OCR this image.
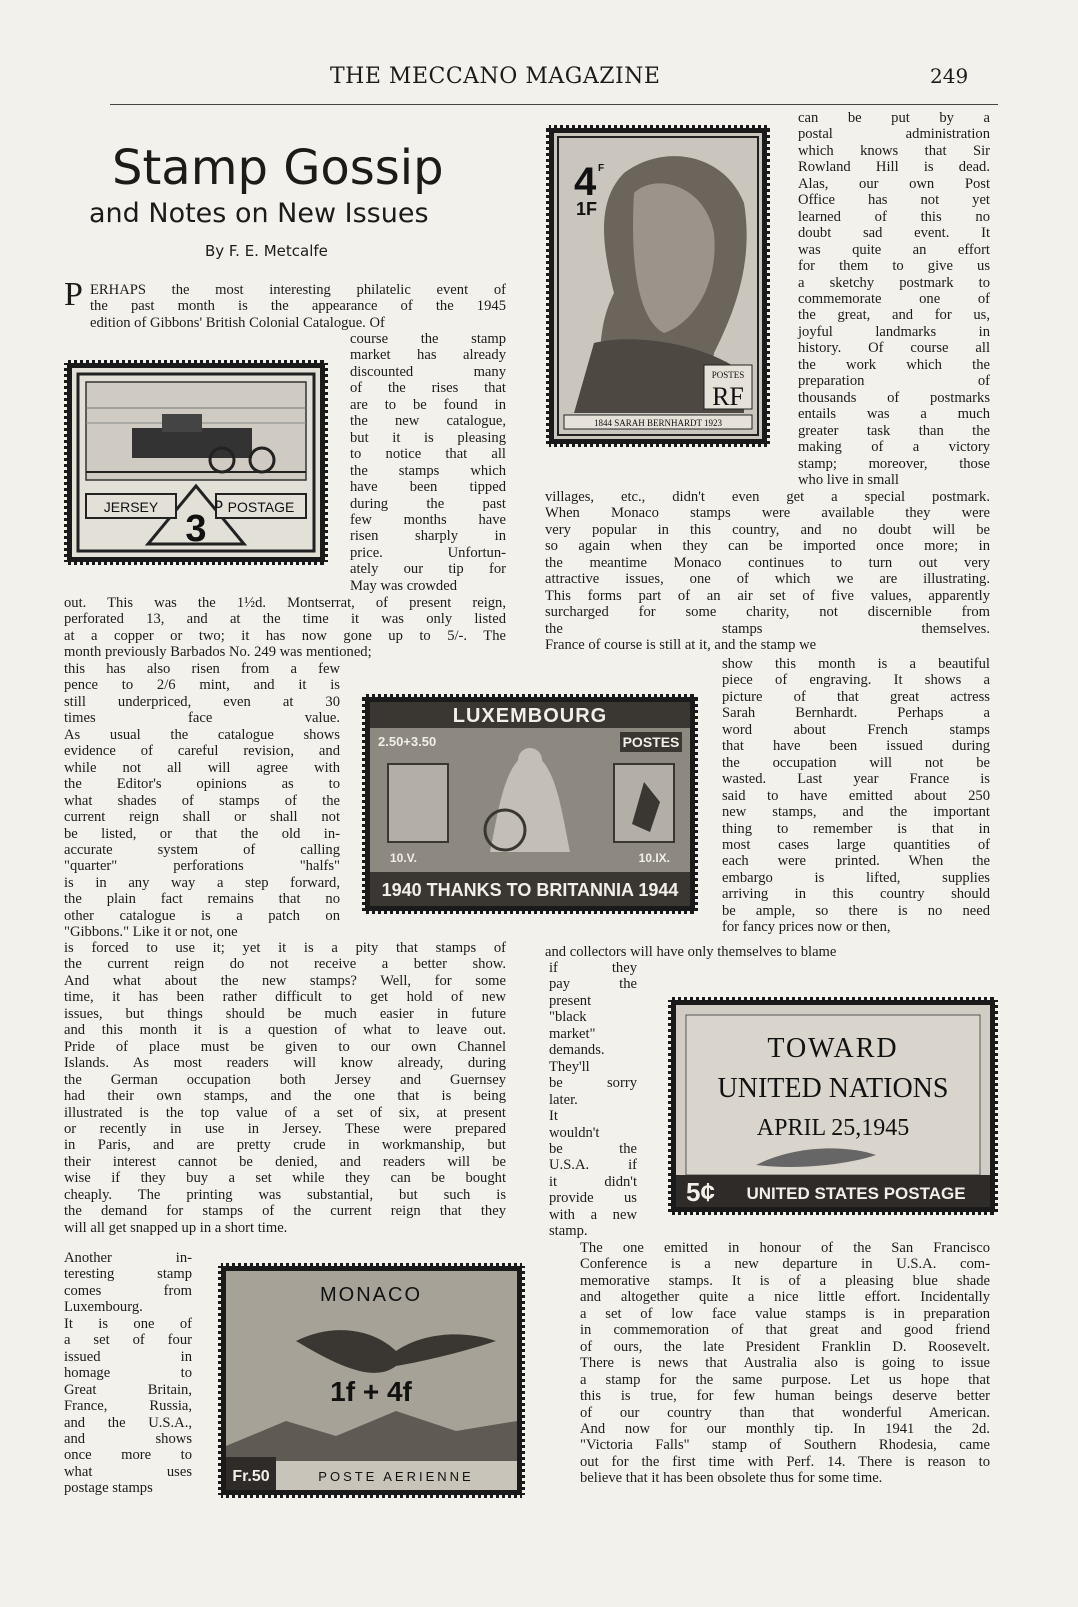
THE MECCANO MAGAZINE	249
Stamp Gossip
and Notes on New Issues
By F. E. Metcalfe
P ERHAPS the most interesting philatelic event of
the past month is the appearance of the 1945
edition of Gibbons' British Colonial Catalogue. Of
course the stamp
market has already
discounted many
of the rises that
are to be found in
the new catalogue,
but it is pleasing
to notice that all
the stamps which
have been tipped
during the past
few months have
risen sharply in
price. Unfortun-
ately our tip for
May was crowded
out. This was the 1½d. Montserrat, of present reign,
perforated 13, and at the time it was only listed
at a copper or two; it has now gone up to 5/-. The
month previously Barbados No. 249 was mentioned;
this has also risen from a few
pence to 2/6 mint, and it is
still underpriced, even at 30
times face value.
As usual the catalogue shows
evidence of careful revision, and
while not all will agree with
the Editor's opinions as to
what shades of stamps of the
current reign shall or shall not
be listed, or that the old in-
accurate system of calling
"quarter" perforations "halfs"
is in any way a step forward,
the plain fact remains that no
other catalogue is a patch on
"Gibbons." Like it or not, one
is forced to use it; yet it is a pity that stamps of
the current reign do not receive a better show.
And what about the new stamps? Well, for some
time, it has been rather difficult to get hold of new
issues, but things should be much easier in future
and this month it is a question of what to leave out.
Pride of place must be given to our own Channel
Islands. As most readers will know already, during
the German occupation both Jersey and Guernsey
had their own stamps, and the one that is being
illustrated is the top value of a set of six, at present
or recently in use in Jersey. These were prepared
in Paris, and are pretty crude in workmanship, but
their interest cannot be denied, and readers will be
wise if they buy a set while they can be bought
cheaply. The printing was substantial, but such is
the demand for stamps of the current reign that they
will all get snapped up in a short time.
Another in-
teresting stamp
comes from
Luxembourg.
It is one of
a set of four
issued in
homage to
Great Britain,
France, Russia,
and the U.S.A.,
and shows
once more to
what uses
postage stamps
can be put by a
postal administration
which knows that Sir
Rowland Hill is dead.
Alas, our own Post
Office has not yet
learned of this no
doubt sad event. It
was quite an effort
for them to give us
a sketchy postmark to
commemorate one of
the great, and for us,
joyful landmarks in
history. Of course all
the work which the
preparation of
thousands of postmarks
entails was a much
greater task than the
making of a victory
stamp; moreover, those
who live in small
villages, etc., didn't even get a special postmark.
When Monaco stamps were available they were
very popular in this country, and no doubt will be
so again when they can be imported once more; in
the meantime Monaco continues to turn out very
attractive issues, one of which we are illustrating.
This forms part of an air set of five values, apparently
surcharged for some charity, not discernible from
the stamps themselves.
France of course is still at it, and the stamp we
show this month is a beautiful
piece of engraving. It shows a
picture of that great actress
Sarah Bernhardt. Perhaps a
word about French stamps
that have been issued during
the occupation will not be
wasted. Last year France is
said to have emitted about 250
new stamps, and the important
thing to remember is that in
most cases large quantities of
each were printed. When the
embargo is lifted, supplies
arriving in this country should
be ample, so there is no need
for fancy prices now or then,
and collectors will have only themselves to blame
if they
pay the
present
"black
market"
demands.
They'll
be sorry
later.
It
wouldn't
be the
U.S.A. if
it didn't
provide us
with a new
stamp.
The one emitted in honour of the San Francisco
Conference is a new departure in U.S.A. com-
memorative stamps. It is of a pleasing blue shade
and altogether quite a nice little effort. Incidentally
a set of low face value stamps is in preparation
in commemoration of that great and good friend
of ours, the late President Franklin D. Roosevelt.
There is news that Australia also is going to issue
a stamp for the same purpose. Let us hope that
this is true, for few human beings deserve better
of our country than that wonderful American.
And now for our monthly tip. In 1941 the 2d.
"Victoria Falls" stamp of Southern Rhodesia, came
out for the first time with Perf. 14. There is reason to
believe that it has been obsolete thus for some time.
JERSEY	POSTAGE
3
D
4 F
1F
POSTES
RF
1844 SARAH BERNHARDT 1923
LUXEMBOURG
2.50+3.50	POSTES
10.V.	10.IX.
1940 THANKS TO BRITANNIA 1944
TOWARD
UNITED NATIONS
APRIL 25,1945
5¢ UNITED STATES POSTAGE
MONACO
1f + 4f
Fr.50	POSTE AERIENNE
